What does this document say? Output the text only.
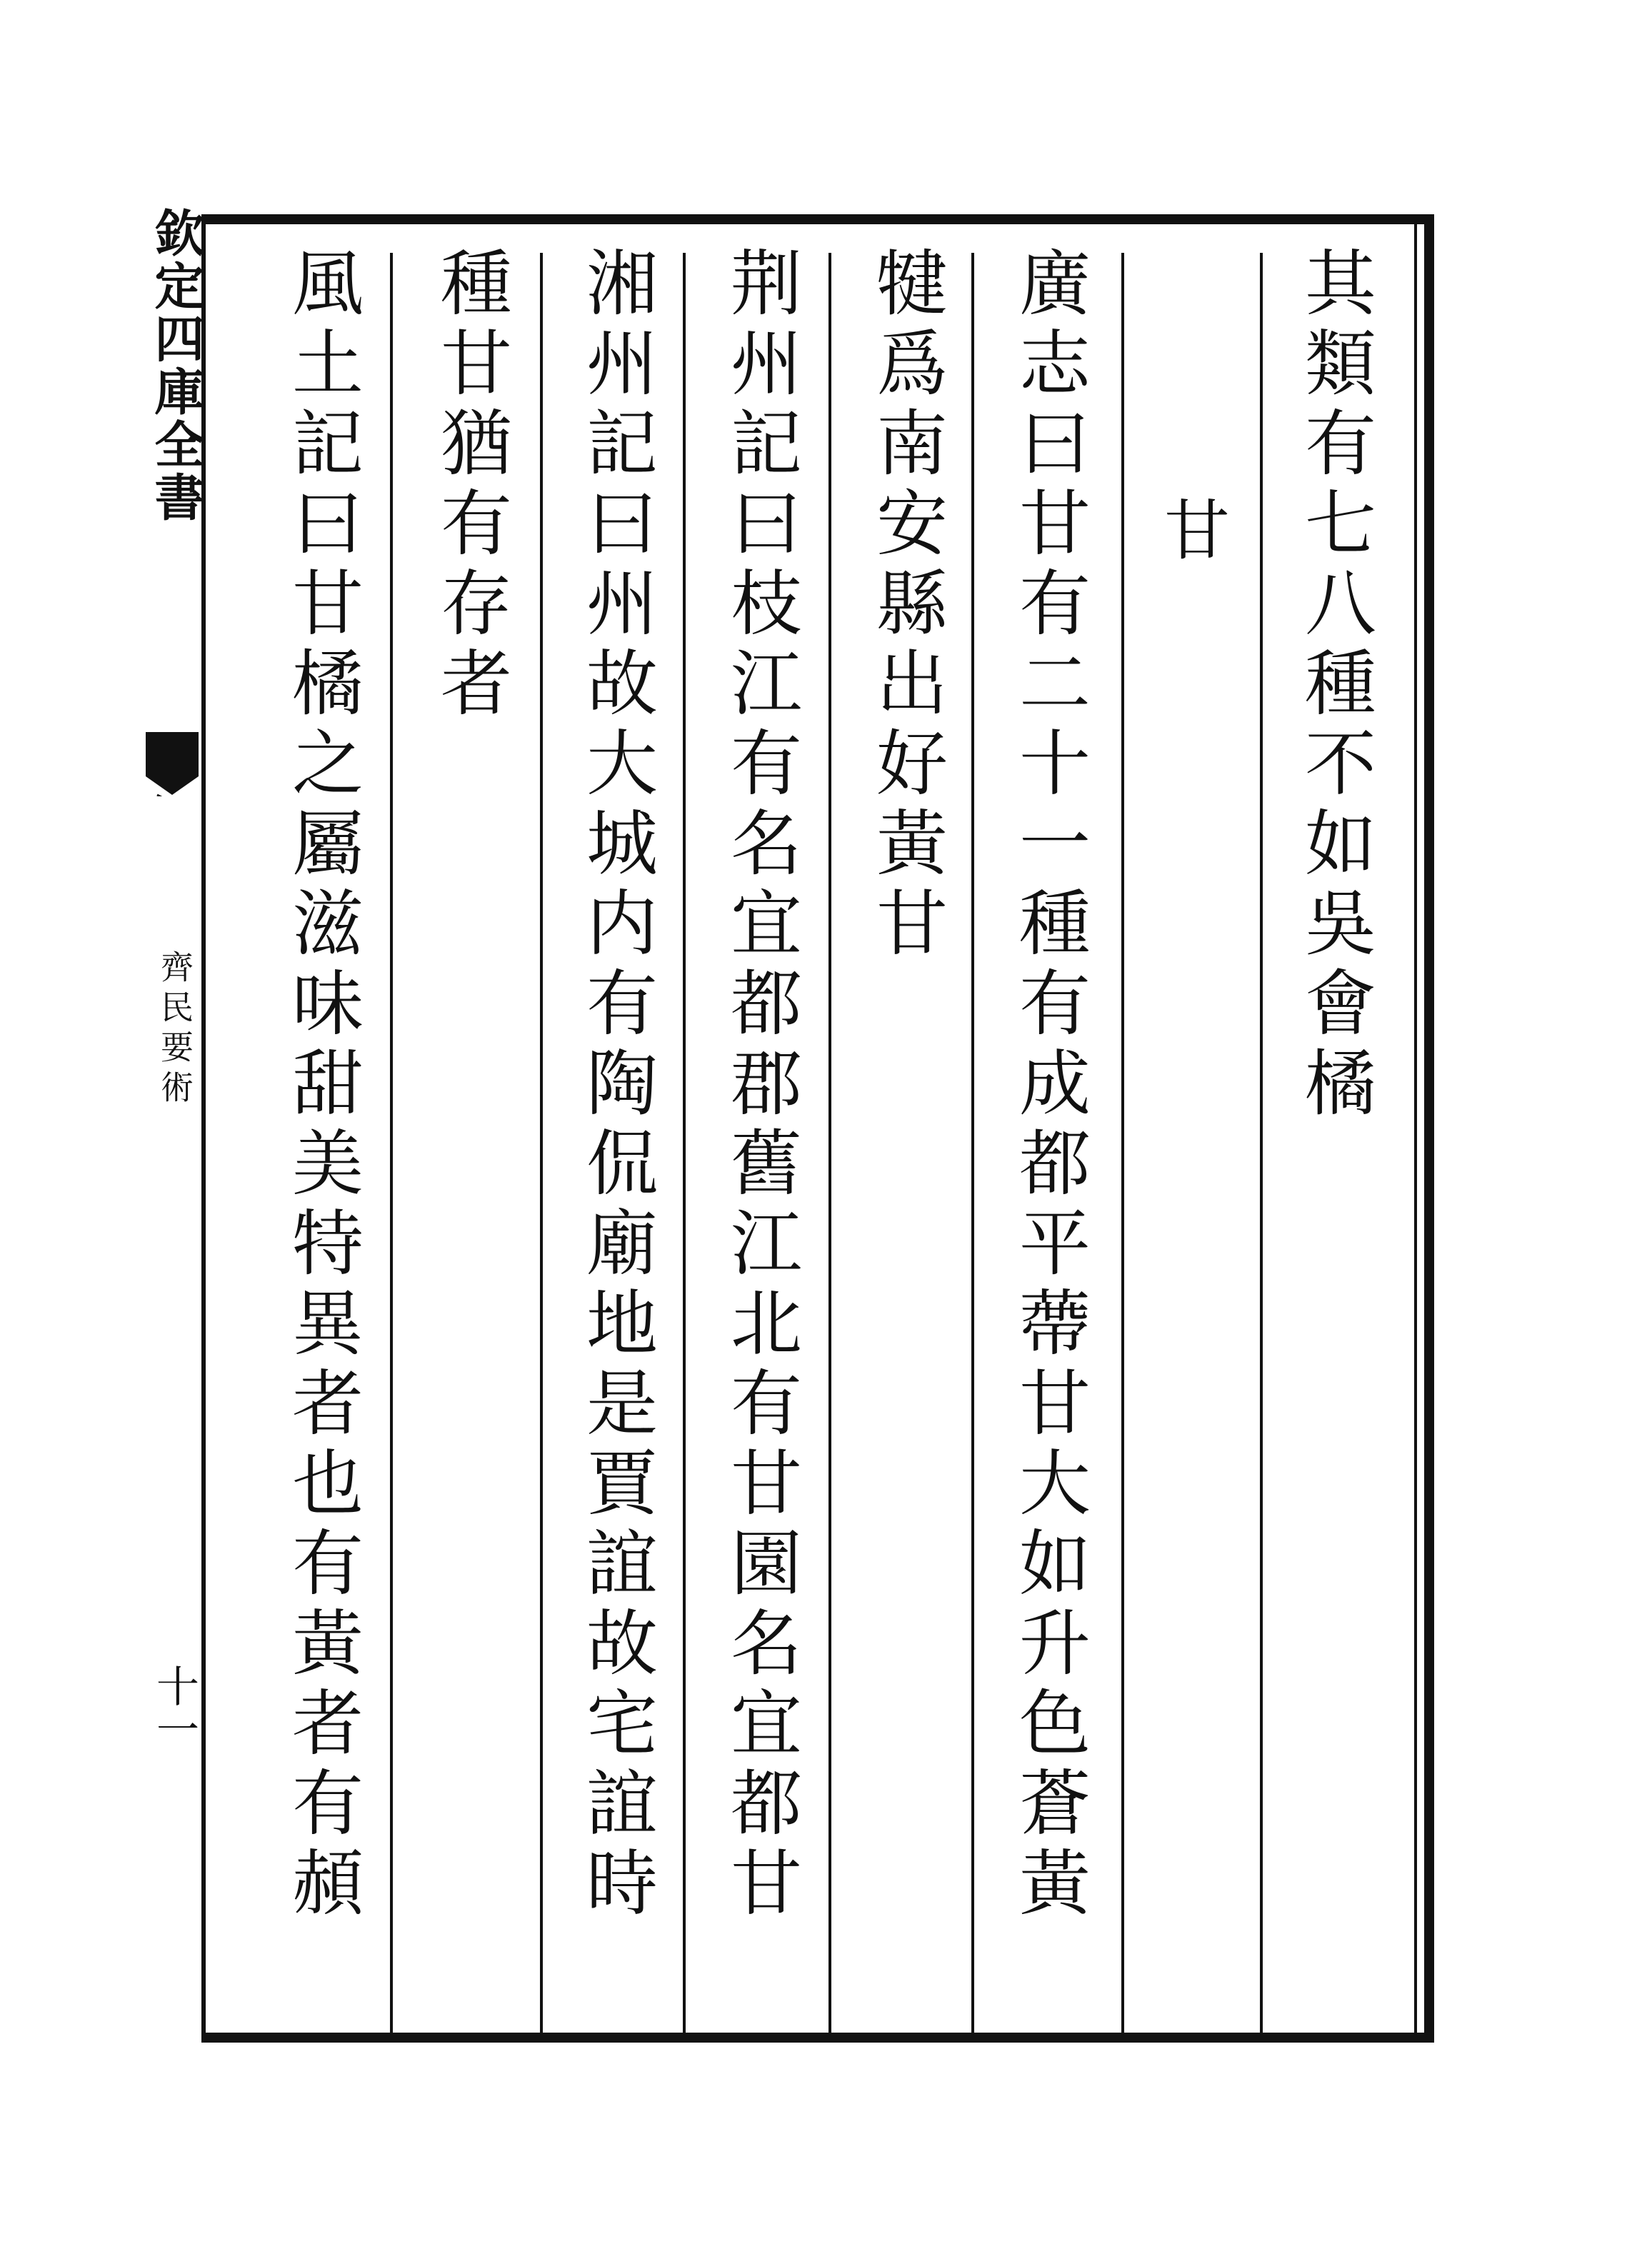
欽定四庫全書
齊民要術
十一
其類有七八種不如吳會橘
甘
廣志曰甘有二十一種有成都平蔕甘大如升色蒼黃
犍爲南安縣出好黃甘
荆州記曰枝江有名宜都郡舊江北有甘園名宜都甘
湘州記曰州故大城内有陶侃廟地是賈誼故宅誼時
種甘猶有存者
風土記曰甘橘之屬滋味甜美特異者也有黃者有頳
